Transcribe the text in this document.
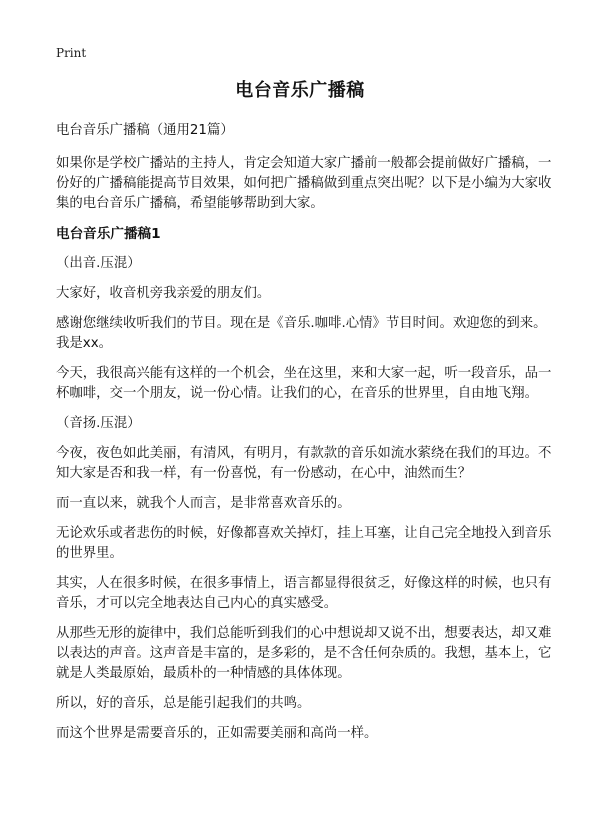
Print
电台音乐广播稿

电台音乐广播稿（通用21篇）

如果你是学校广播站的主持人，肯定会知道大家广播前一般都会提前做好广播稿，一份好的广播稿能提高节目效果，如何把广播稿做到重点突出呢？以下是小编为大家收集的电台音乐广播稿，希望能够帮助到大家。

电台音乐广播稿1

（出音.压混）

大家好，收音机旁我亲爱的朋友们。

感谢您继续收听我们的节目。现在是《音乐.咖啡.心情》节目时间。欢迎您的到来。我是xx。

今天，我很高兴能有这样的一个机会，坐在这里，来和大家一起，听一段音乐，品一杯咖啡，交一个朋友，说一份心情。让我们的心，在音乐的世界里，自由地飞翔。

（音扬.压混）

今夜，夜色如此美丽，有清风，有明月，有款款的音乐如流水萦绕在我们的耳边。不知大家是否和我一样，有一份喜悦，有一份感动，在心中，油然而生？

而一直以来，就我个人而言，是非常喜欢音乐的。

无论欢乐或者悲伤的时候，好像都喜欢关掉灯，挂上耳塞，让自己完全地投入到音乐的世界里。

其实，人在很多时候，在很多事情上，语言都显得很贫乏，好像这样的时候，也只有音乐，才可以完全地表达自己内心的真实感受。

从那些无形的旋律中，我们总能听到我们的心中想说却又说不出，想要表达，却又难以表达的声音。这声音是丰富的，是多彩的，是不含任何杂质的。我想，基本上，它就是人类最原始，最质朴的一种情感的具体体现。

所以，好的音乐，总是能引起我们的共鸣。

而这个世界是需要音乐的，正如需要美丽和高尚一样。
